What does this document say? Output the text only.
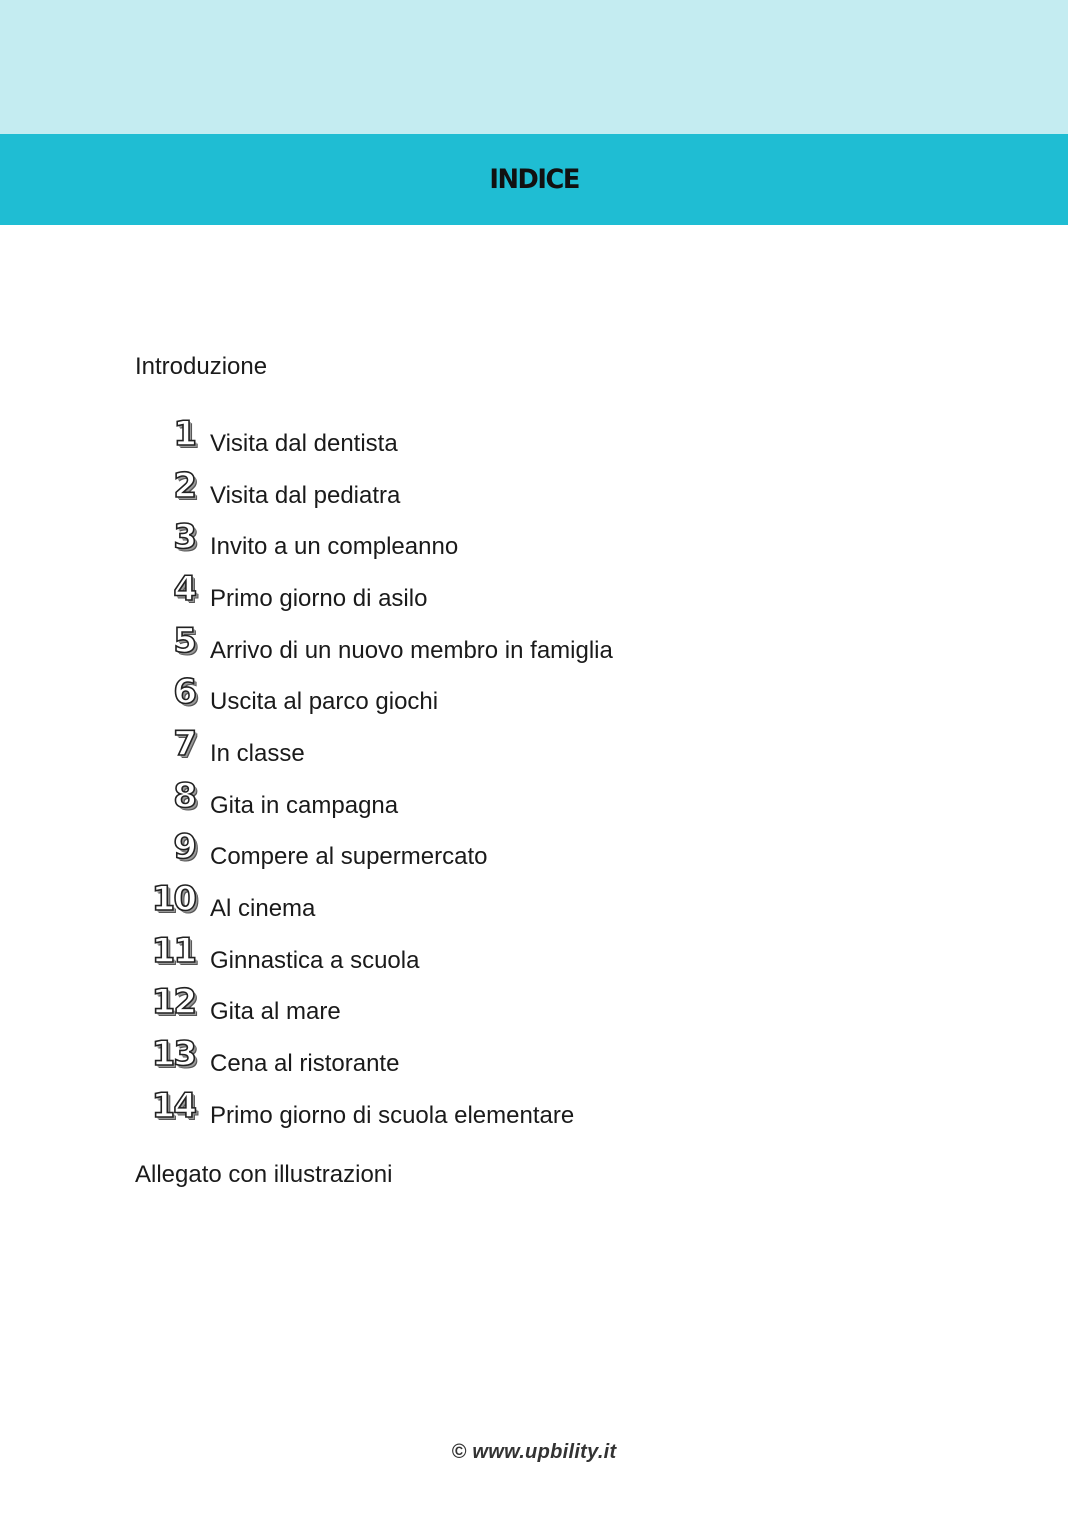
INDICE

Introduzione

1 Visita dal dentista
2 Visita dal pediatra
3 Invito a un compleanno
4 Primo giorno di asilo
5 Arrivo di un nuovo membro in famiglia
6 Uscita al parco giochi
7 In classe
8 Gita in campagna
9 Compere al supermercato
10 Al cinema
11 Ginnastica a scuola
12 Gita al mare
13 Cena al ristorante
14 Primo giorno di scuola elementare

Allegato con illustrazioni

© www.upbility.it
